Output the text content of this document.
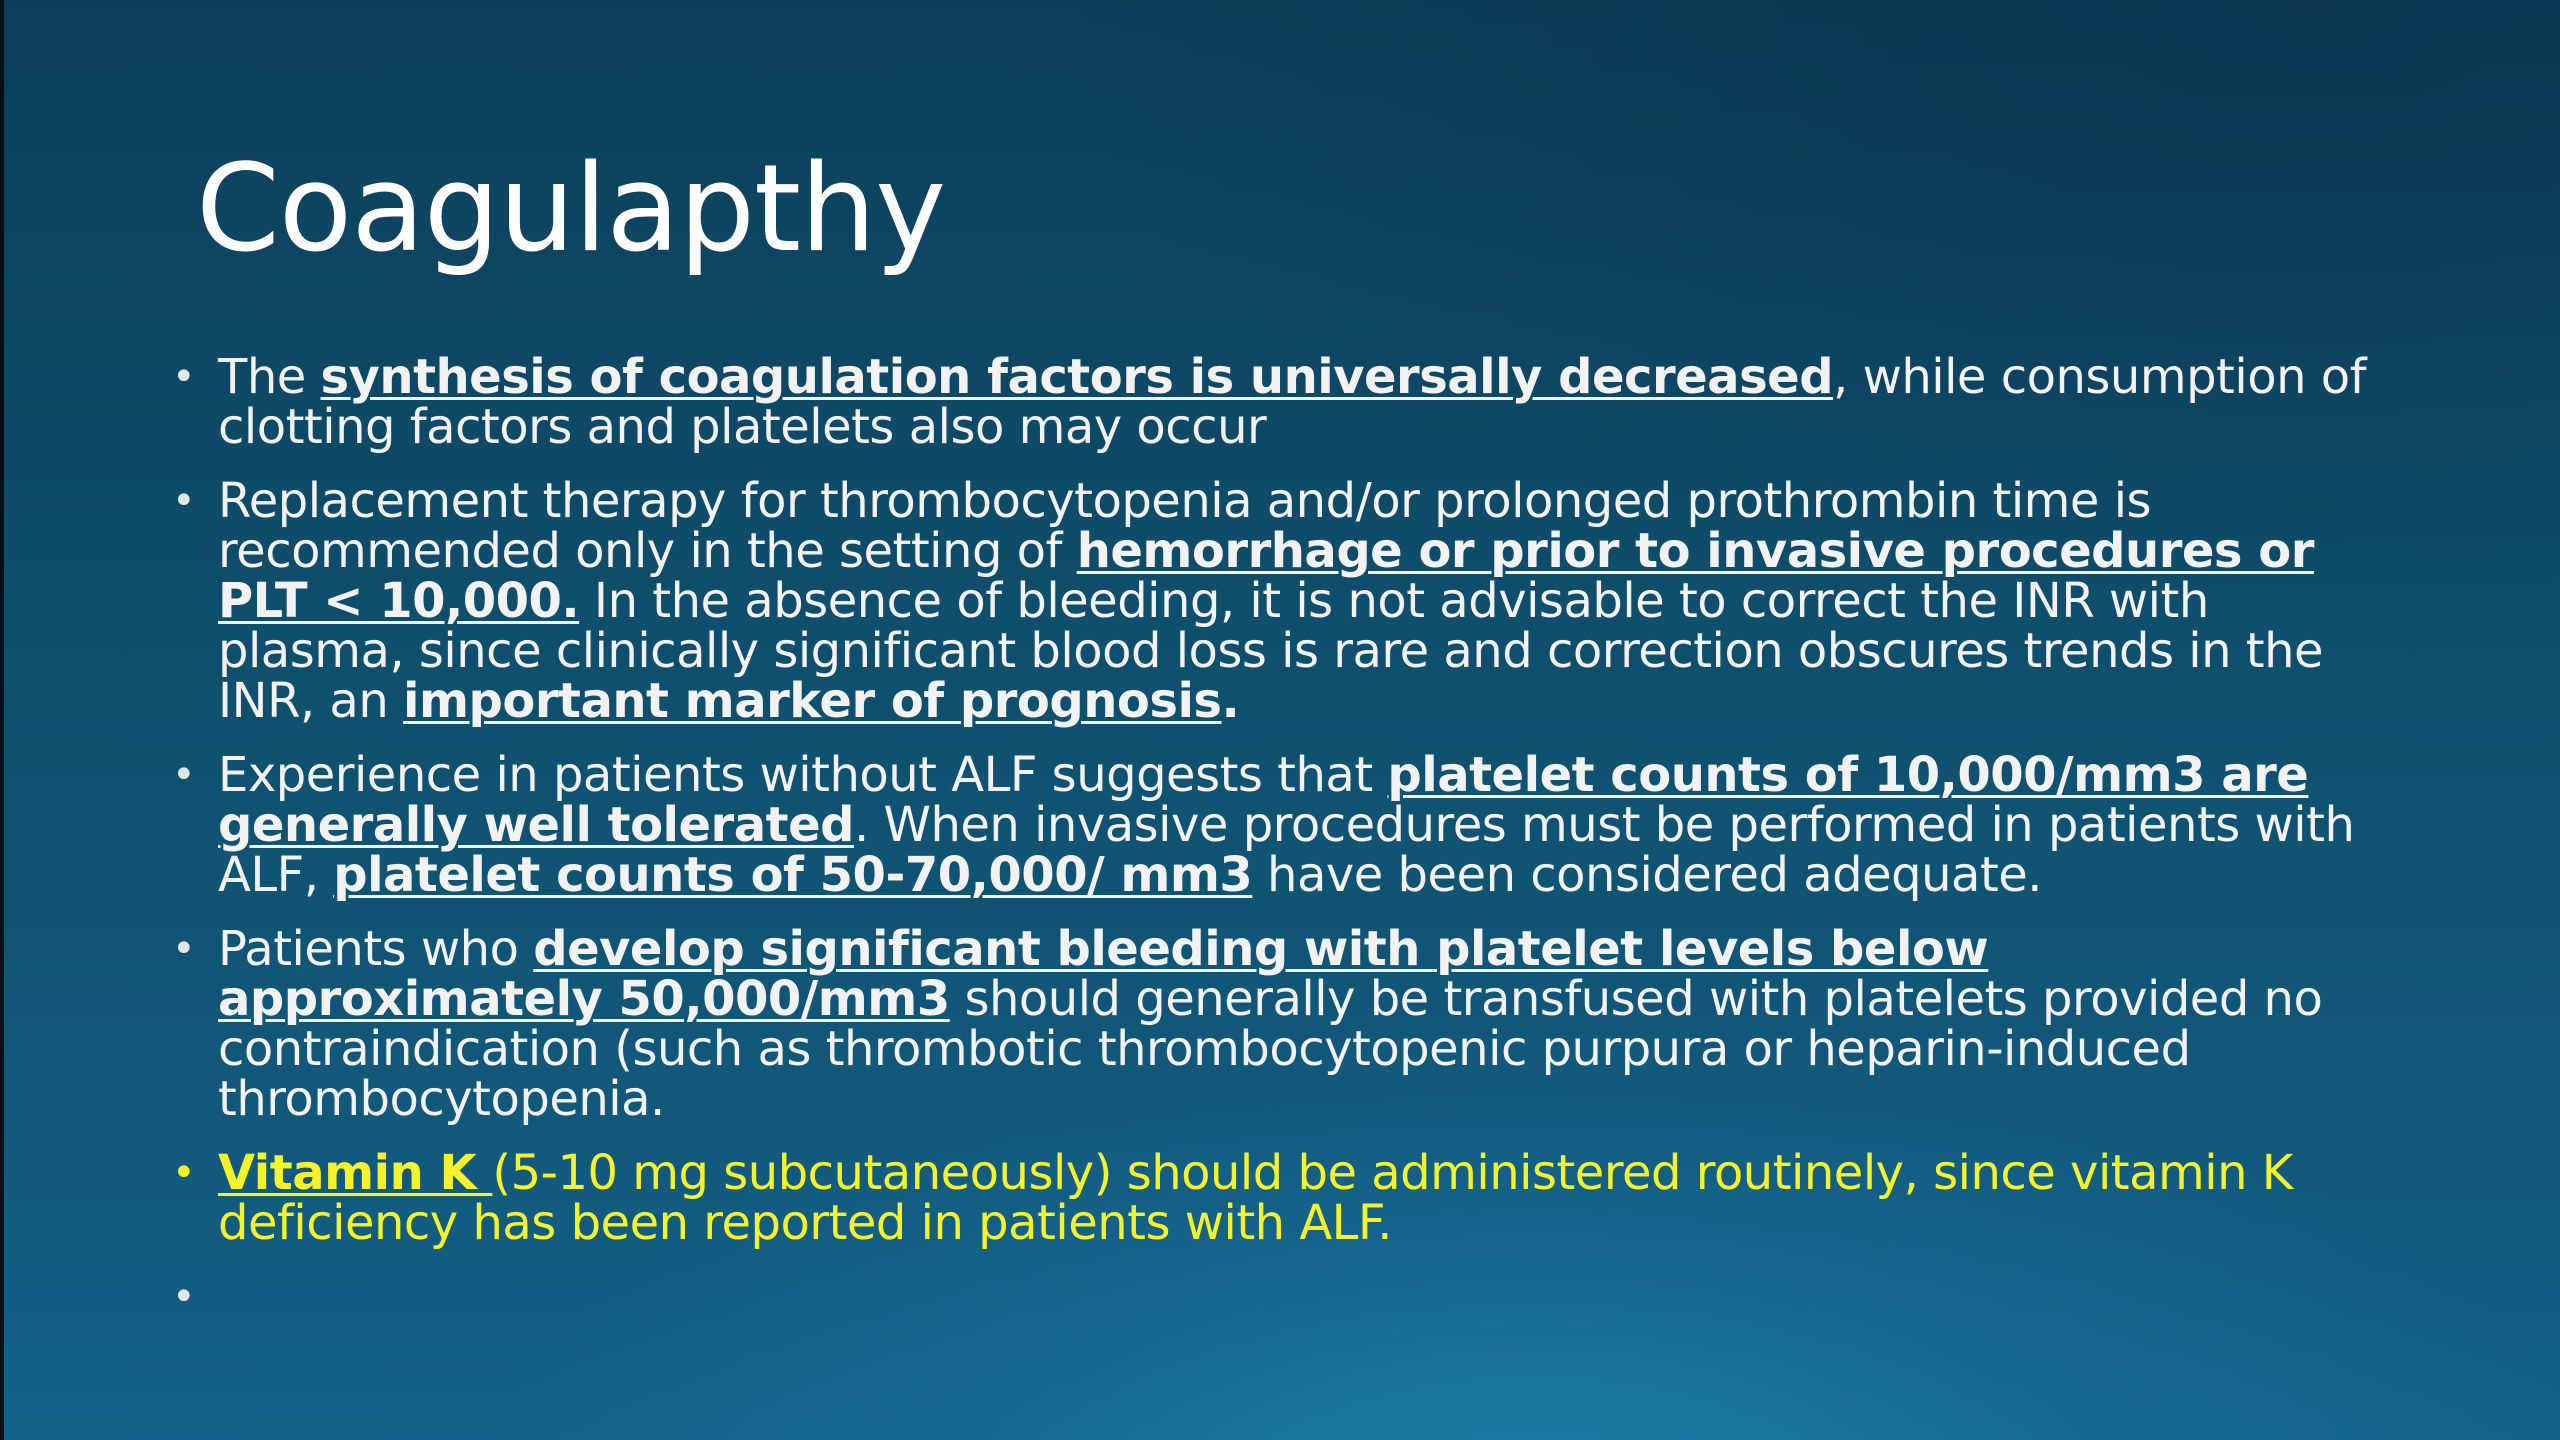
Coagulapthy
• The synthesis of coagulation factors is universally decreased, while consumption of clotting factors and platelets also may occur
• Replacement therapy for thrombocytopenia and/or prolonged prothrombin time is recommended only in the setting of hemorrhage or prior to invasive procedures or PLT < 10,000. In the absence of bleeding, it is not advisable to correct the INR with plasma, since clinically significant blood loss is rare and correction obscures trends in the INR, an important marker of prognosis.
• Experience in patients without ALF suggests that platelet counts of 10,000/mm3 are generally well tolerated. When invasive procedures must be performed in patients with ALF, platelet counts of 50-70,000/ mm3 have been considered adequate.
• Patients who develop significant bleeding with platelet levels below approximately 50,000/mm3 should generally be transfused with platelets provided no contraindication (such as thrombotic thrombocytopenic purpura or heparin-induced thrombocytopenia.
• Vitamin K (5-10 mg subcutaneously) should be administered routinely, since vitamin K deficiency has been reported in patients with ALF.
•
